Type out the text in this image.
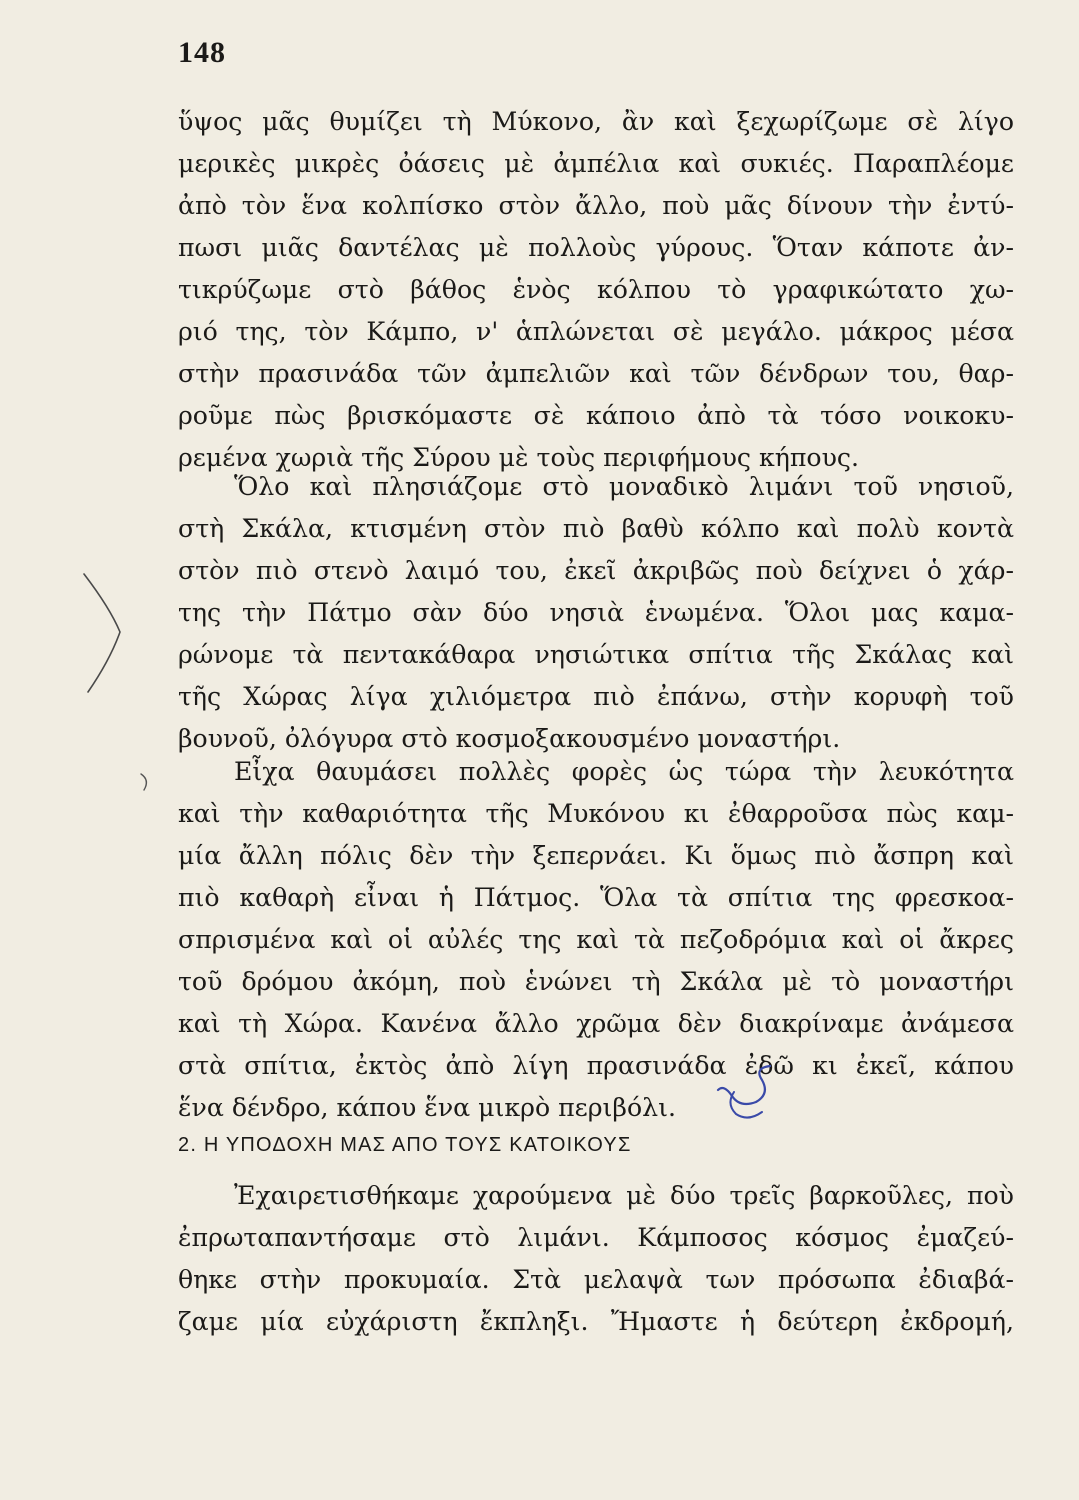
148
ὕψος μᾶς θυμίζει τὴ Μύκονο, ἂν καὶ ξεχωρίζωμε σὲ λίγο
μερικὲς μικρὲς ὀάσεις μὲ ἀμπέλια καὶ συκιές. Παραπλέομε
ἀπὸ τὸν ἕνα κολπίσκο στὸν ἄλλο, ποὺ μᾶς δίνουν τὴν ἐντύ-
πωσι μιᾶς δαντέλας μὲ πολλοὺς γύρους. Ὅταν κάποτε ἀν-
τικρύζωμε στὸ βάθος ἑνὸς κόλπου τὸ γραφικώτατο χω-
ριό της, τὸν Κάμπο, ν' ἁπλώνεται σὲ μεγάλο. μάκρος μέσα
στὴν πρασινάδα τῶν ἀμπελιῶν καὶ τῶν δένδρων του, θαρ-
ροῦμε πὼς βρισκόμαστε σὲ κάποιο ἀπὸ τὰ τόσο νοικοκυ-
ρεμένα χωριὰ τῆς Σύρου μὲ τοὺς περιφήμους κήπους.
Ὅλο καὶ πλησιάζομε στὸ μοναδικὸ λιμάνι τοῦ νησιοῦ,
στὴ Σκάλα, κτισμένη στὸν πιὸ βαθὺ κόλπο καὶ πολὺ κοντὰ
στὸν πιὸ στενὸ λαιμό του, ἐκεῖ ἀκριβῶς ποὺ δείχνει ὁ χάρ-
της τὴν Πάτμο σὰν δύο νησιὰ ἑνωμένα. Ὅλοι μας καμα-
ρώνομε τὰ πεντακάθαρα νησιώτικα σπίτια τῆς Σκάλας καὶ
τῆς Χώρας λίγα χιλιόμετρα πιὸ ἐπάνω, στὴν κορυφὴ τοῦ
βουνοῦ, ὀλόγυρα στὸ κοσμοξακουσμένο μοναστήρι.
Εἶχα θαυμάσει πολλὲς φορὲς ὡς τώρα τὴν λευκότητα
καὶ τὴν καθαριότητα τῆς Μυκόνου κι ἐθαρροῦσα πὼς καμ-
μία ἄλλη πόλις δὲν τὴν ξεπερνάει. Κι ὅμως πιὸ ἄσπρη καὶ
πιὸ καθαρὴ εἶναι ἡ Πάτμος. Ὅλα τὰ σπίτια της φρεσκοα-
σπρισμένα καὶ οἱ αὐλές της καὶ τὰ πεζοδρόμια καὶ οἱ ἄκρες
τοῦ δρόμου ἀκόμη, ποὺ ἑνώνει τὴ Σκάλα μὲ τὸ μοναστήρι
καὶ τὴ Χώρα. Κανένα ἄλλο χρῶμα δὲν διακρίναμε ἀνάμεσα
στὰ σπίτια, ἐκτὸς ἀπὸ λίγη πρασινάδα ἐδῶ κι ἐκεῖ, κάπου
ἕνα δένδρο, κάπου ἕνα μικρὸ περιβόλι.
2. Η ΥΠΟΔΟΧΗ ΜΑΣ ΑΠΟ ΤΟΥΣ ΚΑΤΟΙΚΟΥΣ
Ἐχαιρετισθήκαμε χαρούμενα μὲ δύο τρεῖς βαρκοῦλες, ποὺ
ἐπρωταπαντήσαμε στὸ λιμάνι. Κάμποσος κόσμος ἐμαζεύ-
θηκε στὴν προκυμαία. Στὰ μελαψὰ των πρόσωπα ἐδιαβά-
ζαμε μία εὐχάριστη ἔκπληξι. Ἤμαστε ἡ δεύτερη ἐκδρομή,
